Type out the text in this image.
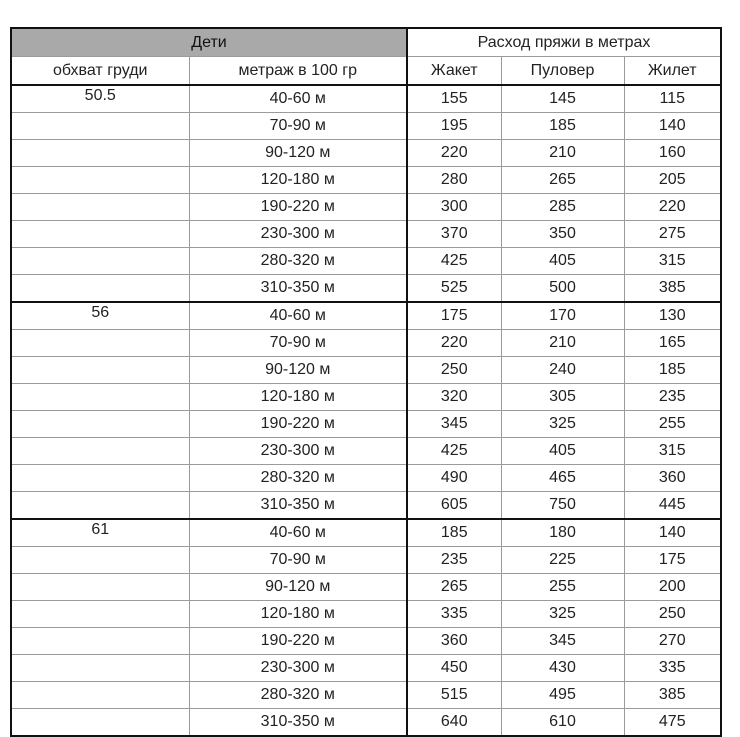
Дети		Расход пряжи в метрах		
обхват груди	метраж в 100 гр	Жакет	Пуловер	Жилет

50.5	40-60 м	155	145	115
	70-90 м	195	185	140
	90-120 м	220	210	160
	120-180 м	280	265	205
	190-220 м	300	285	220
	230-300 м	370	350	275
	280-320 м	425	405	315
	310-350 м	525	500	385

56	40-60 м	175	170	130
	70-90 м	220	210	165
	90-120 м	250	240	185
	120-180 м	320	305	235
	190-220 м	345	325	255
	230-300 м	425	405	315
	280-320 м	490	465	360
	310-350 м	605	750	445

61	40-60 м	185	180	140
	70-90 м	235	225	175
	90-120 м	265	255	200
	120-180 м	335	325	250
	190-220 м	360	345	270
	230-300 м	450	430	335
	280-320 м	515	495	385
	310-350 м	640	610	475
